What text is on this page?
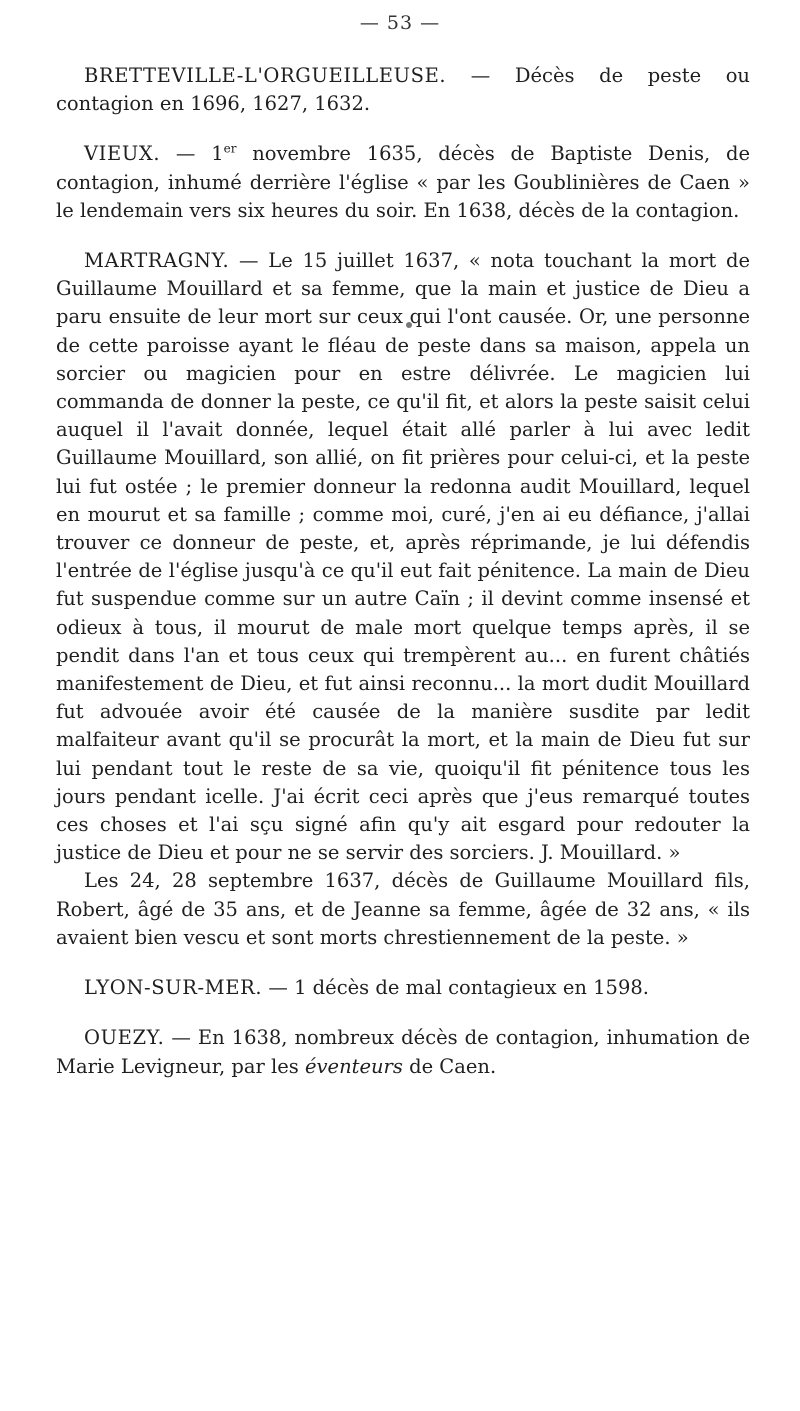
— 53 —

BRETTEVILLE-L'ORGUEILLEUSE. — Décès de peste ou contagion en 1696, 1627, 1632.

VIEUX. — 1er novembre 1635, décès de Baptiste Denis, de contagion, inhumé derrière l'église « par les Goublinières de Caen » le lendemain vers six heures du soir. En 1638, décès de la contagion.

MARTRAGNY. — Le 15 juillet 1637, « nota touchant la mort de Guillaume Mouillard et sa femme, que la main et justice de Dieu a paru ensuite de leur mort sur ceux qui l'ont causée. Or, une personne de cette paroisse ayant le fléau de peste dans sa maison, appela un sorcier ou magicien pour en estre délivrée. Le magicien lui commanda de donner la peste, ce qu'il fit, et alors la peste saisit celui auquel il l'avait donnée, lequel était allé parler à lui avec ledit Guillaume Mouillard, son allié, on fit prières pour celui-ci, et la peste lui fut ostée ; le premier donneur la redonna audit Mouillard, lequel en mourut et sa famille ; comme moi, curé, j'en ai eu défiance, j'allai trouver ce donneur de peste, et, après réprimande, je lui défendis l'entrée de l'église jusqu'à ce qu'il eut fait pénitence. La main de Dieu fut suspendue comme sur un autre Caïn ; il devint comme insensé et odieux à tous, il mourut de male mort quelque temps après, il se pendit dans l'an et tous ceux qui trempèrent au... en furent châtiés manifestement de Dieu, et fut ainsi reconnu... la mort dudit Mouillard fut advouée avoir été causée de la manière susdite par ledit malfaiteur avant qu'il se procurât la mort, et la main de Dieu fut sur lui pendant tout le reste de sa vie, quoiqu'il fit pénitence tous les jours pendant icelle. J'ai écrit ceci après que j'eus remarqué toutes ces choses et l'ai sçu signé afin qu'y ait esgard pour redouter la justice de Dieu et pour ne se servir des sorciers. J. Mouillard. »

Les 24, 28 septembre 1637, décès de Guillaume Mouillard fils, Robert, âgé de 35 ans, et de Jeanne sa femme, âgée de 32 ans, « ils avaient bien vescu et sont morts chrestiennement de la peste. »

LYON-SUR-MER. — 1 décès de mal contagieux en 1598.

OUEZY. — En 1638, nombreux décès de contagion, inhumation de Marie Levigneur, par les éventeurs de Caen.
